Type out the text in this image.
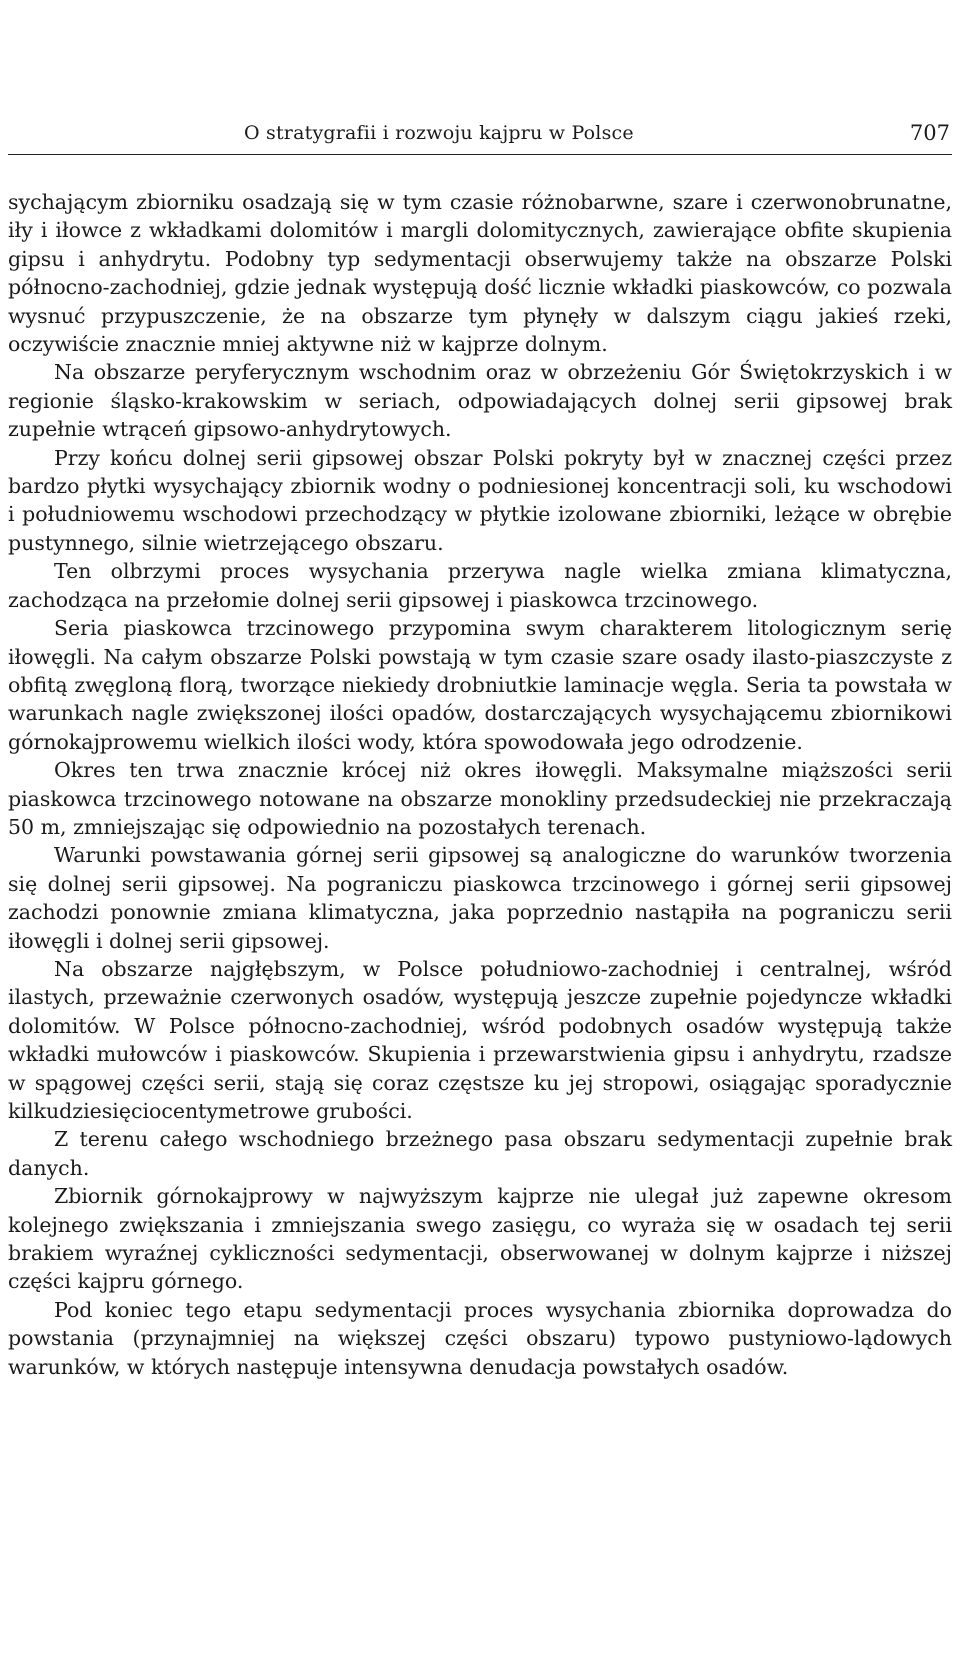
O stratygrafii i rozwoju kajpru w Polsce	707

sychającym zbiorniku osadzają się w tym czasie różnobarwne, szare i czerwonobrunatne, iły i iłowce z wkładkami dolomitów i margli dolomitycznych, zawierające obfite skupienia gipsu i anhydrytu. Podobny typ sedymentacji obserwujemy także na obszarze Polski północno-zachodniej, gdzie jednak występują dość licznie wkładki piaskowców, co pozwala wysnuć przypuszczenie, że na obszarze tym płynęły w dalszym ciągu jakieś rzeki, oczywiście znacznie mniej aktywne niż w kajprze dolnym.

Na obszarze peryferycznym wschodnim oraz w obrzeżeniu Gór Świętokrzyskich i w regionie śląsko-krakowskim w seriach, odpowiadających dolnej serii gipsowej brak zupełnie wtrąceń gipsowo-anhydrytowych.

Przy końcu dolnej serii gipsowej obszar Polski pokryty był w znacznej części przez bardzo płytki wysychający zbiornik wodny o podniesionej koncentracji soli, ku wschodowi i południowemu wschodowi przechodzący w płytkie izolowane zbiorniki, leżące w obrębie pustynnego, silnie wietrzejącego obszaru.

Ten olbrzymi proces wysychania przerywa nagle wielka zmiana klimatyczna, zachodząca na przełomie dolnej serii gipsowej i piaskowca trzcinowego.

Seria piaskowca trzcinowego przypomina swym charakterem litologicznym serię iłowęgli. Na całym obszarze Polski powstają w tym czasie szare osady ilasto-piaszczyste z obfitą zwęgloną florą, tworzące niekiedy drobniutkie laminacje węgla. Seria ta powstała w warunkach nagle zwiększonej ilości opadów, dostarczających wysychającemu zbiornikowi górnokajprowemu wielkich ilości wody, która spowodowała jego odrodzenie.

Okres ten trwa znacznie krócej niż okres iłowęgli. Maksymalne miąższości serii piaskowca trzcinowego notowane na obszarze monokliny przedsudeckiej nie przekraczają 50 m, zmniejszając się odpowiednio na pozostałych terenach.

Warunki powstawania górnej serii gipsowej są analogiczne do warunków tworzenia się dolnej serii gipsowej. Na pograniczu piaskowca trzcinowego i górnej serii gipsowej zachodzi ponownie zmiana klimatyczna, jaka poprzednio nastąpiła na pograniczu serii iłowęgli i dolnej serii gipsowej.

Na obszarze najgłębszym, w Polsce południowo-zachodniej i centralnej, wśród ilastych, przeważnie czerwonych osadów, występują jeszcze zupełnie pojedyncze wkładki dolomitów. W Polsce północno-zachodniej, wśród podobnych osadów występują także wkładki mułowców i piaskowców. Skupienia i przewarstwienia gipsu i anhydrytu, rzadsze w spągowej części serii, stają się coraz częstsze ku jej stropowi, osiągając sporadycznie kilkudziesięciocentymetrowe grubości.

Z terenu całego wschodniego brzeżnego pasa obszaru sedymentacji zupełnie brak danych.

Zbiornik górnokajprowy w najwyższym kajprze nie ulegał już zapewne okresom kolejnego zwiększania i zmniejszania swego zasięgu, co wyraża się w osadach tej serii brakiem wyraźnej cykliczności sedymentacji, obserwowanej w dolnym kajprze i niższej części kajpru górnego.

Pod koniec tego etapu sedymentacji proces wysychania zbiornika doprowadza do powstania (przynajmniej na większej części obszaru) typowo pustyniowo-lądowych warunków, w których następuje intensywna denudacja powstałych osadów.
